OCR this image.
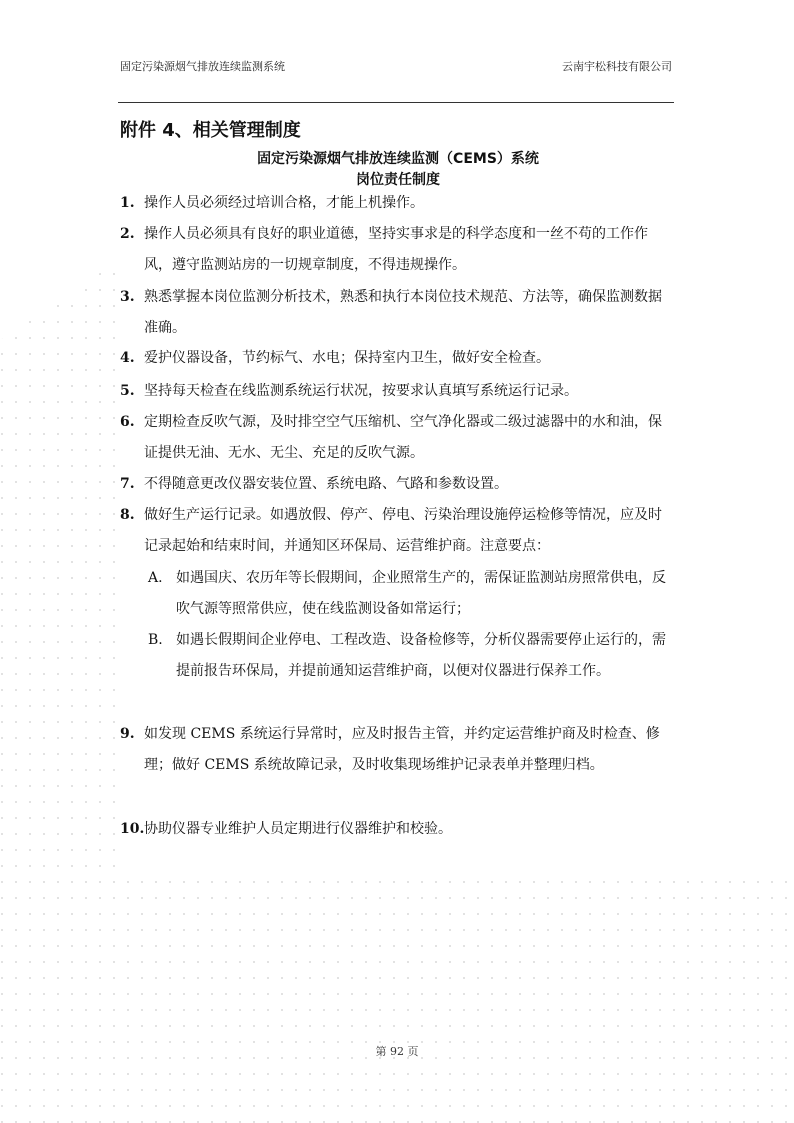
固定污染源烟气排放连续监测系统	云南宇松科技有限公司
附件 4、相关管理制度
固定污染源烟气排放连续监测（CEMS）系统
岗位责任制度
1. 操作人员必须经过培训合格，才能上机操作。
2. 操作人员必须具有良好的职业道德，坚持实事求是的科学态度和一丝不苟的工作作风，遵守监测站房的一切规章制度，不得违规操作。
3. 熟悉掌握本岗位监测分析技术，熟悉和执行本岗位技术规范、方法等，确保监测数据准确。
4. 爱护仪器设备，节约标气、水电；保持室内卫生，做好安全检查。
5. 坚持每天检查在线监测系统运行状况，按要求认真填写系统运行记录。
6. 定期检查反吹气源，及时排空空气压缩机、空气净化器或二级过滤器中的水和油，保证提供无油、无水、无尘、充足的反吹气源。
7. 不得随意更改仪器安装位置、系统电路、气路和参数设置。
8. 做好生产运行记录。如遇放假、停产、停电、污染治理设施停运检修等情况，应及时记录起始和结束时间，并通知区环保局、运营维护商。注意要点：
A. 如遇国庆、农历年等长假期间，企业照常生产的，需保证监测站房照常供电，反吹气源等照常供应，使在线监测设备如常运行；
B. 如遇长假期间企业停电、工程改造、设备检修等，分析仪器需要停止运行的，需提前报告环保局，并提前通知运营维护商，以便对仪器进行保养工作。
9. 如发现 CEMS 系统运行异常时，应及时报告主管，并约定运营维护商及时检查、修理；做好 CEMS 系统故障记录，及时收集现场维护记录表单并整理归档。
10. 协助仪器专业维护人员定期进行仪器维护和校验。
第 92 页
